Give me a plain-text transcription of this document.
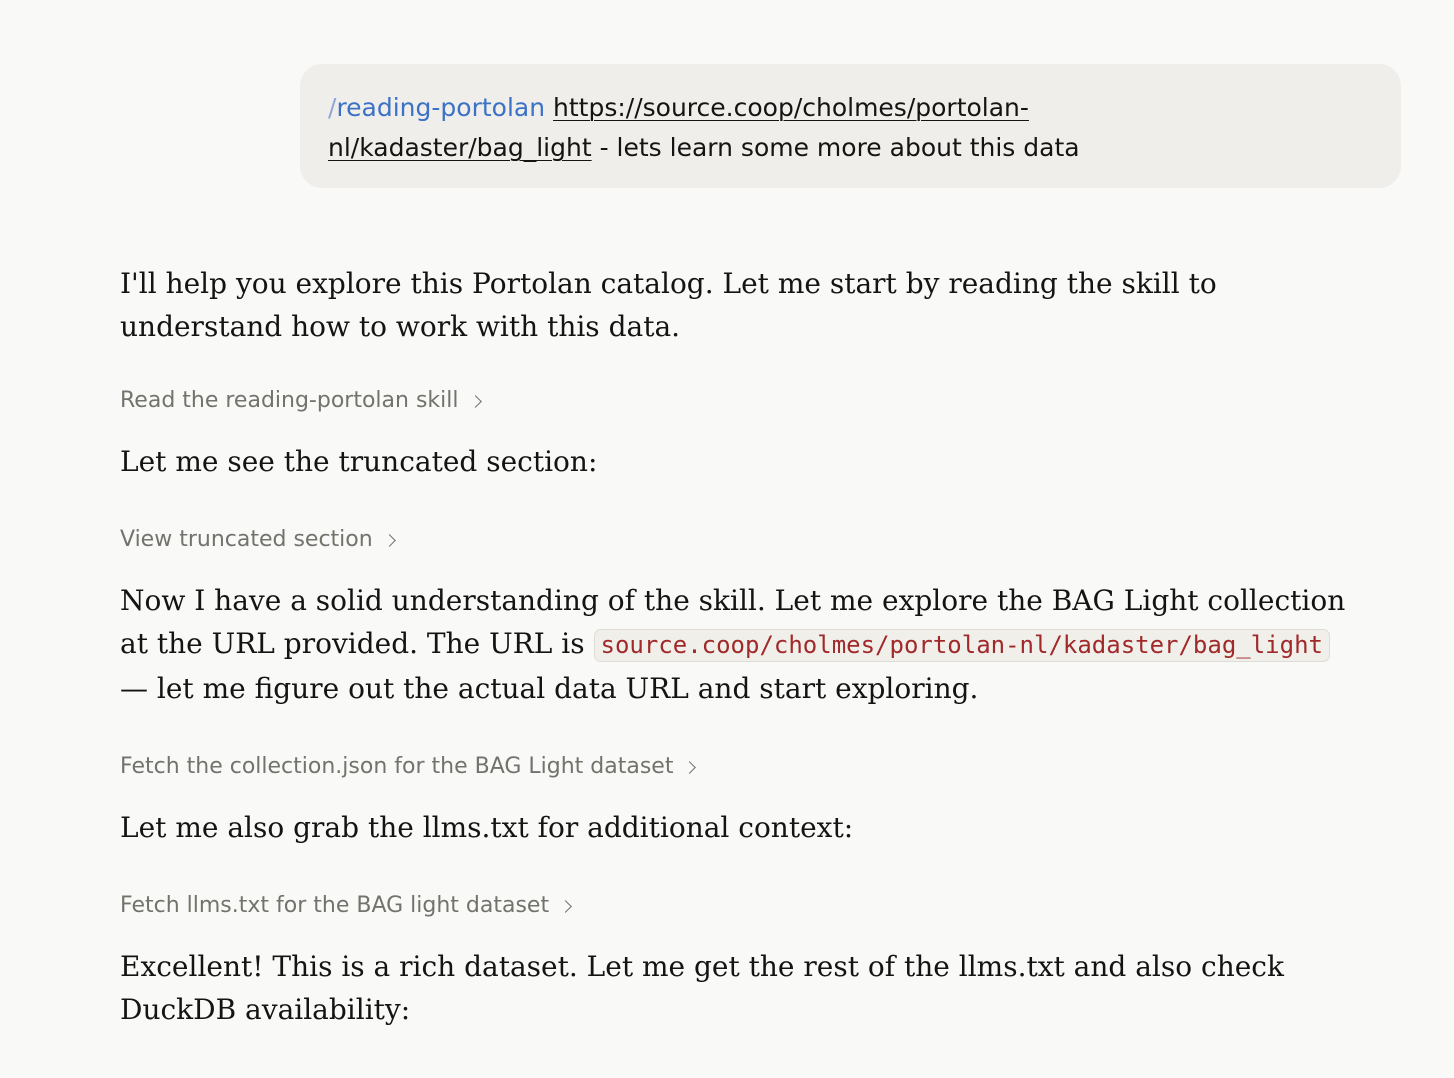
/reading-portolan https://source.coop/cholmes/portolan-
nl/kadaster/bag_light - lets learn some more about this data

I'll help you explore this Portolan catalog. Let me start by reading the skill to understand how to work with this data.

Read the reading-portolan skill

Let me see the truncated section:

View truncated section

Now I have a solid understanding of the skill. Let me explore the BAG Light collection at the URL provided. The URL is source.coop/cholmes/portolan-nl/kadaster/bag_light — let me figure out the actual data URL and start exploring.

Fetch the collection.json for the BAG Light dataset

Let me also grab the llms.txt for additional context:

Fetch llms.txt for the BAG light dataset

Excellent! This is a rich dataset. Let me get the rest of the llms.txt and also check DuckDB availability:
